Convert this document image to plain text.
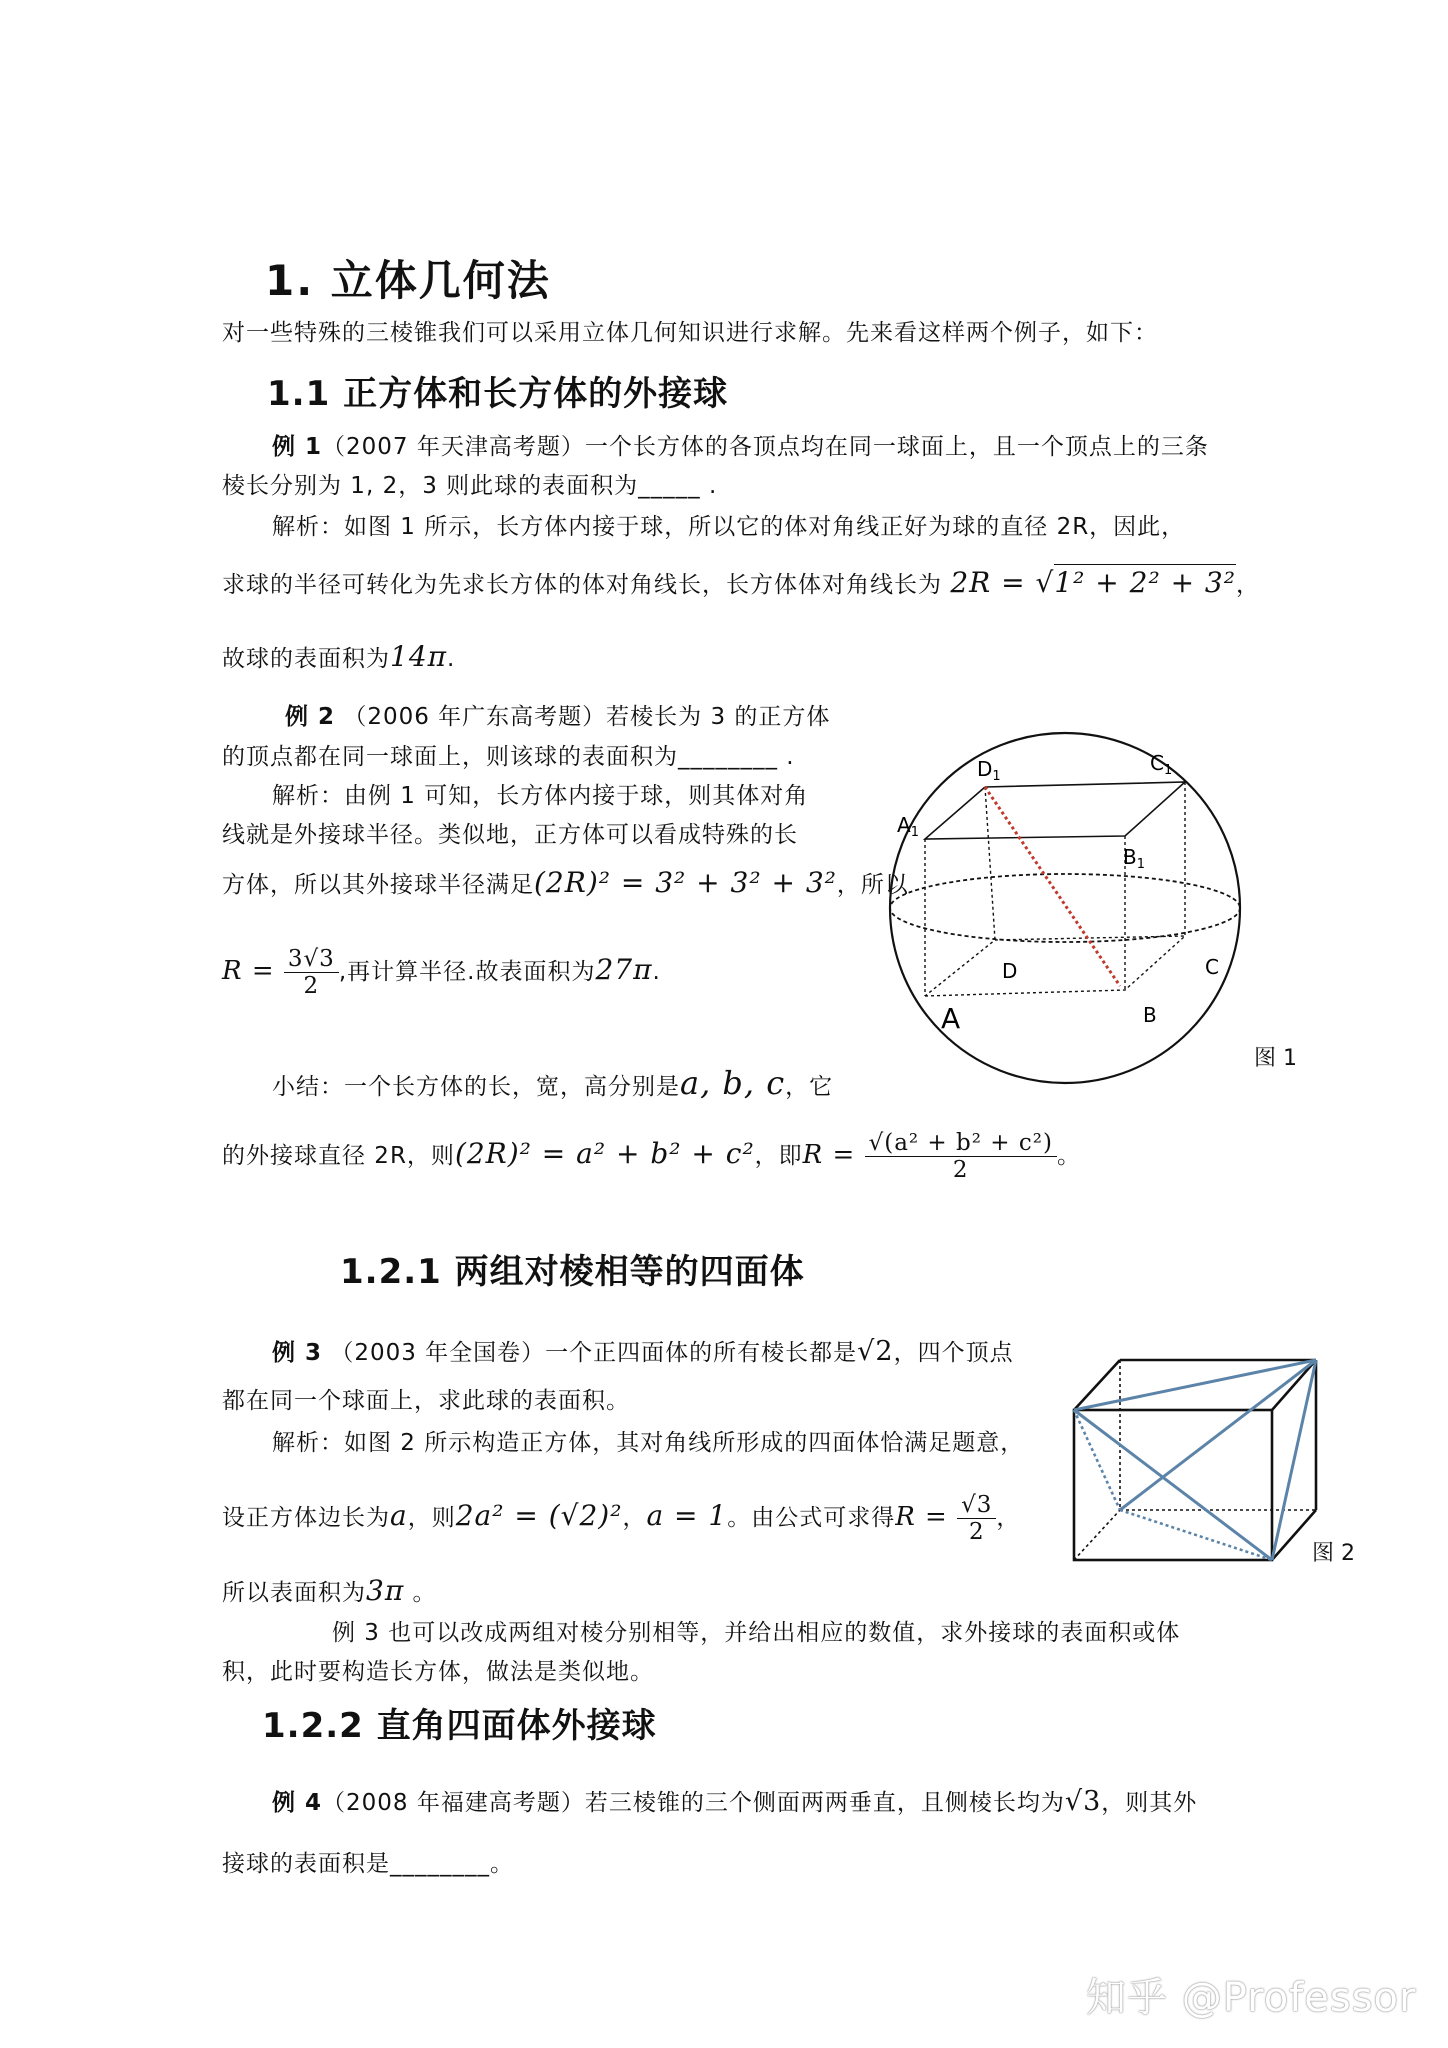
1. 立体几何法
对一些特殊的三棱锥我们可以采用立体几何知识进行求解。先来看这样两个例子，如下：
1.1 正方体和长方体的外接球
例 1（2007 年天津高考题）一个长方体的各顶点均在同一球面上，且一个顶点上的三条
棱长分别为 1, 2，3 则此球的表面积为_____ .
解析：如图 1 所示，长方体内接于球，所以它的体对角线正好为球的直径 2R，因此，
求球的半径可转化为先求长方体的体对角线长，长方体体对角线长为 2R = √1² + 2² + 3²，
故球的表面积为14π.
例 2 （2006 年广东高考题）若棱长为 3 的正方体
的顶点都在同一球面上，则该球的表面积为________ .
解析：由例 1 可知，长方体内接于球，则其体对角
线就是外接球半径。类似地，正方体可以看成特殊的长
方体，所以其外接球半径满足(2R)² = 3² + 3² + 3²，所以
$R = \frac{3√3}{2}$ ,再计算半径.故表面积为27π.
$D_1$
$C_1$
$A_1$
$B_1$
D	C
A	B
图 1
小结：一个长方体的长，宽，高分别是a, b, c，它
的外接球直径 2R，则(2R)² = a² + b² + c²，即$R = \frac{\text{√(a² + b² + c²)}}{2}$ 。
1.2.1 两组对棱相等的四面体
例 3 （2003 年全国卷）一个正四面体的所有棱长都是√2，四个顶点
都在同一个球面上，求此球的表面积。
解析：如图 2 所示构造正方体，其对角线所形成的四面体恰满足题意，
设正方体边长为a，则2a² = (√2)²，a = 1。由公式可求得$R = \frac{√3}{2}$ ，
所以表面积为3π 。
例 3 也可以改成两组对棱分别相等，并给出相应的数值，求外接球的表面积或体
积，此时要构造长方体，做法是类似地。
图 2
1.2.2 直角四面体外接球
例 4（2008 年福建高考题）若三棱锥的三个侧面两两垂直，且侧棱长均为√3，则其外
接球的表面积是________。
知乎 @Professor
